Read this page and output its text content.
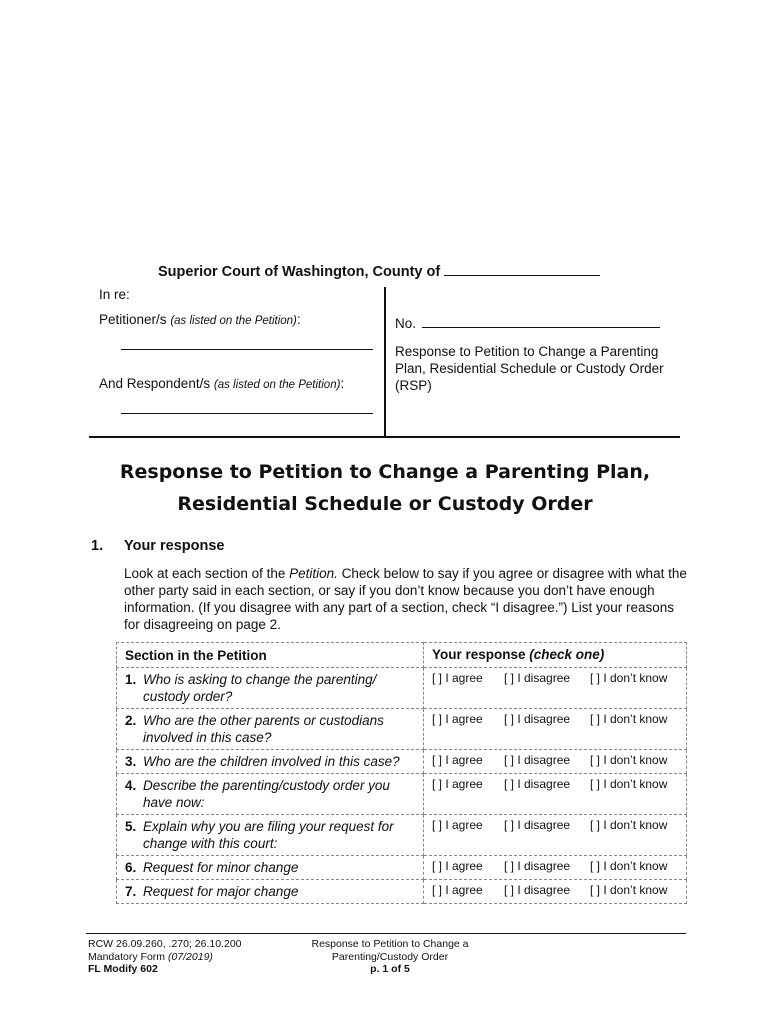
Superior Court of Washington, County of
In re:
Petitioner/s (as listed on the Petition):
And Respondent/s (as listed on the Petition):
No.
Response to Petition to Change a Parenting
Plan, Residential Schedule or Custody Order
(RSP)
Response to Petition to Change a Parenting Plan,
Residential Schedule or Custody Order
1. Your response
Look at each section of the Petition. Check below to say if you agree or disagree with what the other party said in each section, or say if you don’t know because you don’t have enough information. (If you disagree with any part of a section, check “I disagree.”) List your reasons for disagreeing on page 2.
Section in the Petition	Your response (check one)
1. Who is asking to change the parenting/ custody order?	[ ] I agree [ ] I disagree [ ] I don’t know
2. Who are the other parents or custodians involved in this case?	[ ] I agree [ ] I disagree [ ] I don’t know
3. Who are the children involved in this case?	[ ] I agree [ ] I disagree [ ] I don’t know
4. Describe the parenting/custody order you have now:	[ ] I agree [ ] I disagree [ ] I don’t know
5. Explain why you are filing your request for change with this court:	[ ] I agree [ ] I disagree [ ] I don’t know
6. Request for minor change	[ ] I agree [ ] I disagree [ ] I don’t know
7. Request for major change	[ ] I agree [ ] I disagree [ ] I don’t know
RCW 26.09.260, .270; 26.10.200
Mandatory Form (07/2019)
FL Modify 602
Response to Petition to Change a
Parenting/Custody Order
p. 1 of 5
